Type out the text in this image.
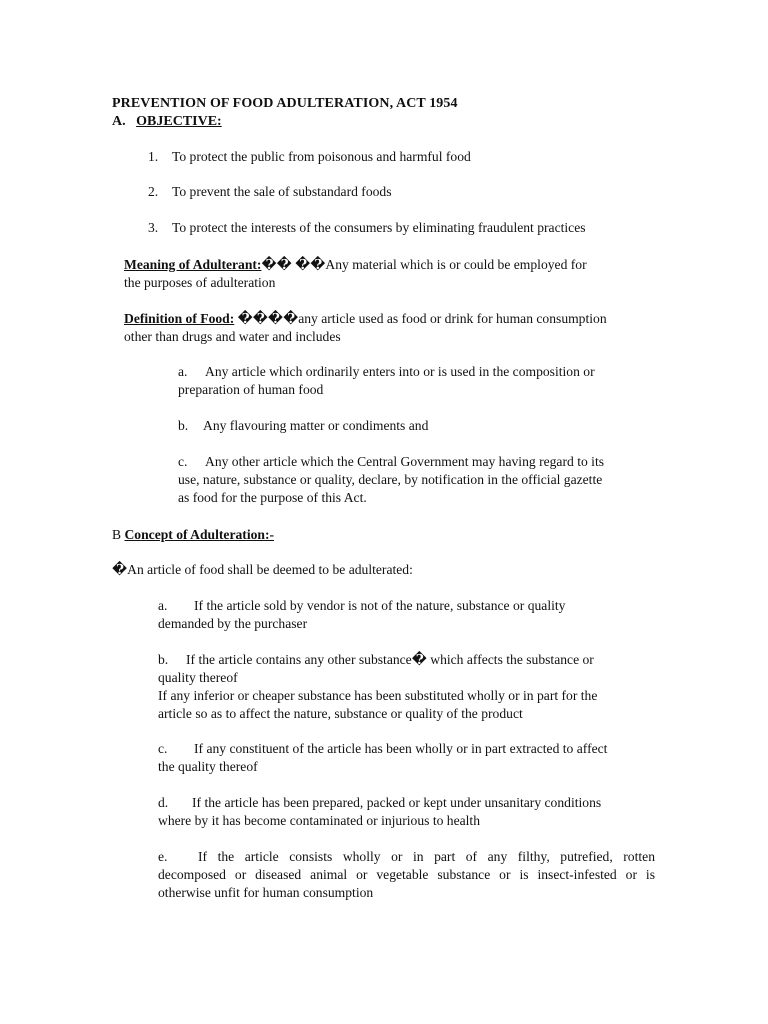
PREVENTION OF FOOD ADULTERATION, ACT 1954
A. OBJECTIVE:
1. To protect the public from poisonous and harmful food
2. To prevent the sale of substandard foods
3. To protect the interests of the consumers by eliminating fraudulent practices
Meaning of Adulterant:�� ��Any material which is or could be employed for
the purposes of adulteration
Definition of Food: ����any article used as food or drink for human consumption
other than drugs and water and includes
a. Any article which ordinarily enters into or is used in the composition or
preparation of human food
b. Any flavouring matter or condiments and
c. Any other article which the Central Government may having regard to its
use, nature, substance or quality, declare, by notification in the official gazette
as food for the purpose of this Act.
B Concept of Adulteration:-
�An article of food shall be deemed to be adulterated:
a. If the article sold by vendor is not of the nature, substance or quality
demanded by the purchaser
b. If the article contains any other substance� which affects the substance or
quality thereof
If any inferior or cheaper substance has been substituted wholly or in part for the
article so as to affect the nature, substance or quality of the product
c. If any constituent of the article has been wholly or in part extracted to affect
the quality thereof
d. If the article has been prepared, packed or kept under unsanitary conditions
where by it has become contaminated or injurious to health
e.	If the article consists wholly or in part of any filthy, putrefied, rotten
decomposed or diseased animal or vegetable substance or is insect-infested or is
otherwise unfit for human consumption
